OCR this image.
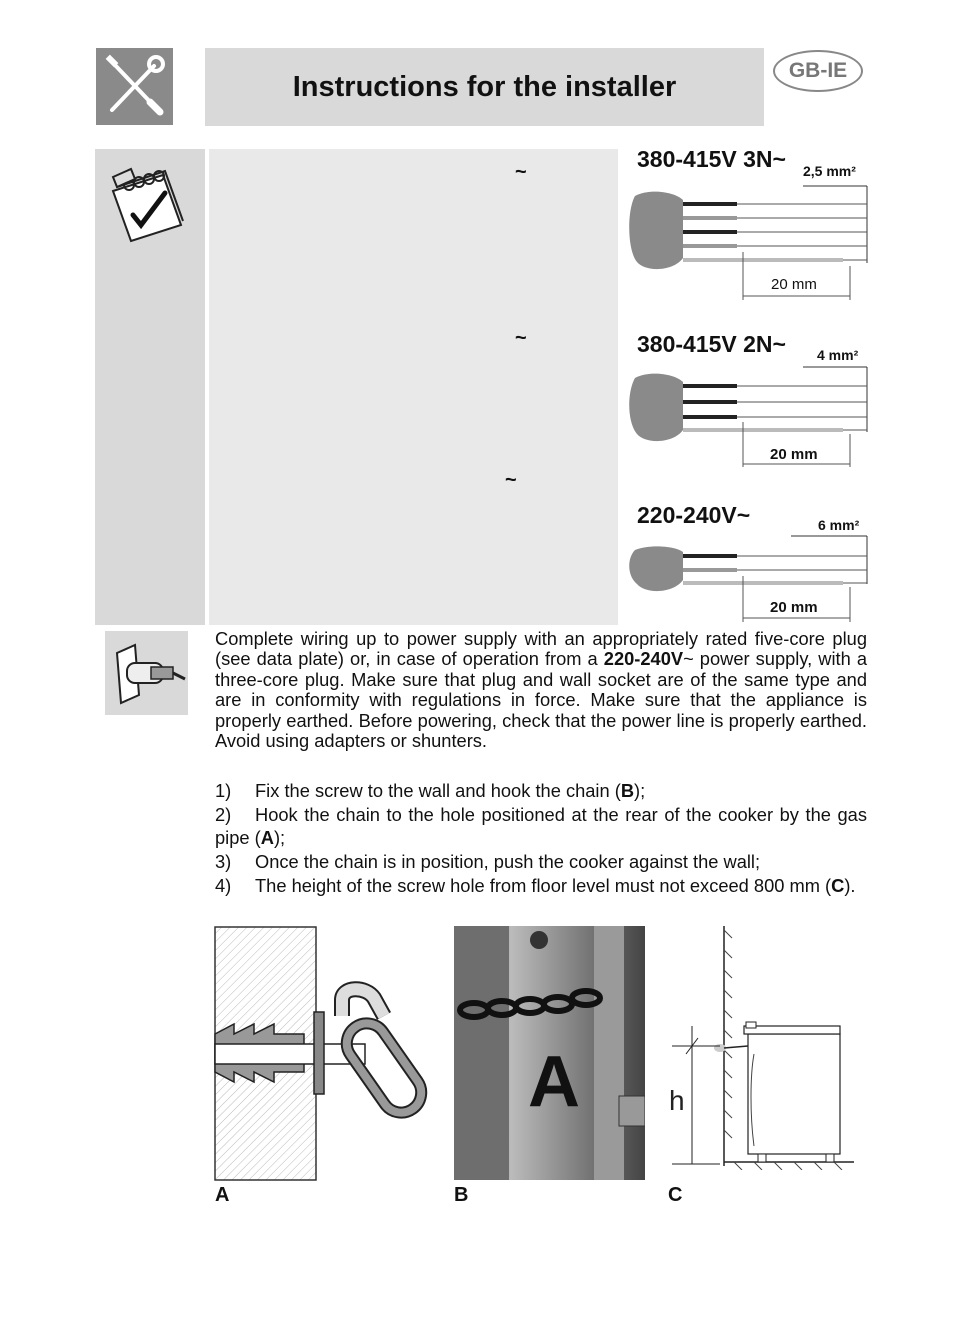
Instructions for the installer	GB-IE
~
~
~
380-415V 3N~ 2,5 mm²
20 mm
380-415V 2N~ 4 mm²
20 mm
220-240V~	6 mm²
20 mm
Complete wiring up to power supply with an appropriately rated five-core plug (see data plate) or, in case of operation from a 220-240V~ power supply, with a three-core plug. Make sure that plug and wall socket are of the same type and are in conformity with regulations in force. Make sure that the appliance is properly earthed. Before powering, check that the power line is properly earthed. Avoid using adapters or shunters.
1) Fix the screw to the wall and hook the chain (B);
2) Hook the chain to the hole positioned at the rear of the cooker by the gas pipe (A);
3) Once the chain is in position, push the cooker against the wall;
4) The height of the screw hole from floor level must not exceed 800 mm (C).
A	h
A	B	C
